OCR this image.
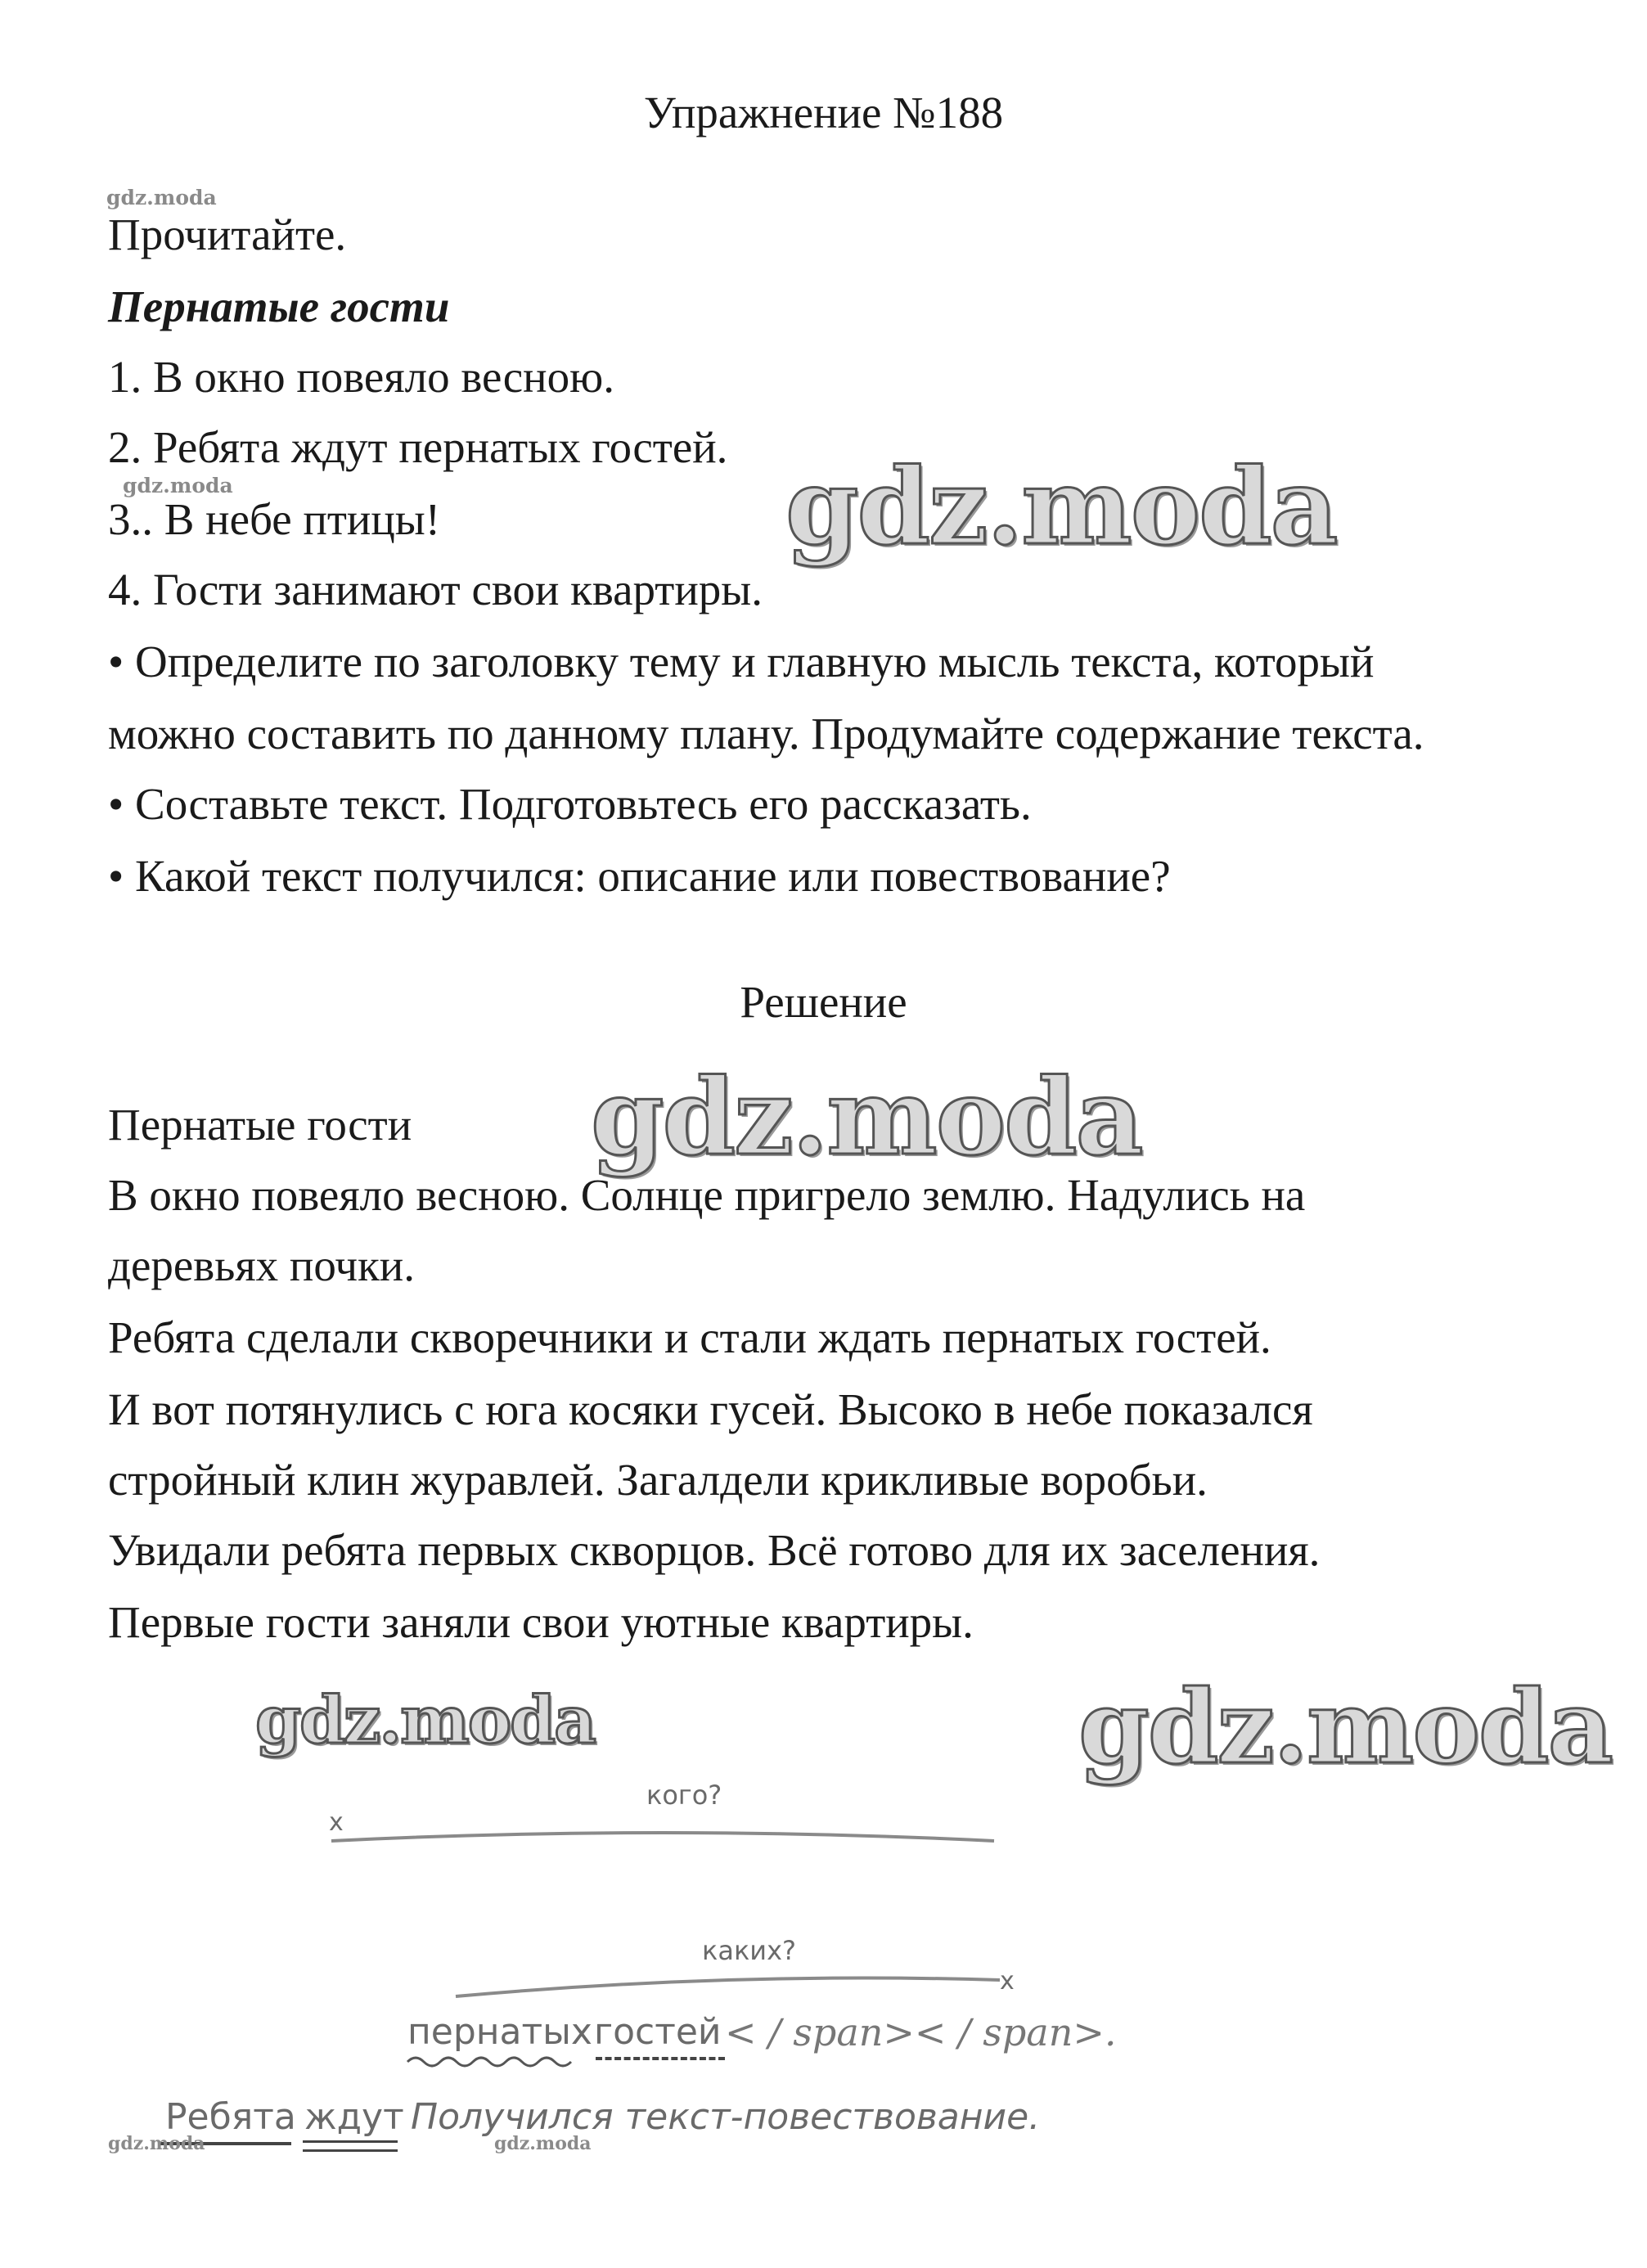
Упражнение №188
gdz.moda
Прочитайте.
Пернатые гости
1. В окно повеяло весною.
2. Ребята ждут пернатых гостей.
gdz.moda
3.. В небе птицы!
4. Гости занимают свои квартиры.
• Определите по заголовку тему и главную мысль текста, который
можно составить по данному плану. Продумайте содержание текста.
• Составьте текст. Подготовьтесь его рассказать.
• Какой текст получился: описание или повествование?
gdz.moda
Решение
Пернатые гости gdz.moda
В окно повеяло весною. Солнце пригрело землю. Надулись на
деревьях почки.
Ребята сделали скворечники и стали ждать пернатых гостей.
И вот потянулись с юга косяки гусей. Высоко в небе показался
стройный клин журавлей. Загалдели крикливые воробьи.
Увидали ребята первых скворцов. Всё готово для их заселения.
Первые гости заняли свои уютные квартиры.
gdz.moda	gdz.moda
кого?
x
каких?
x
пернатых гостей < / span>< / span>.
Ребята ждут Получился текст-повествование.
gdz.moda	gdz.moda
